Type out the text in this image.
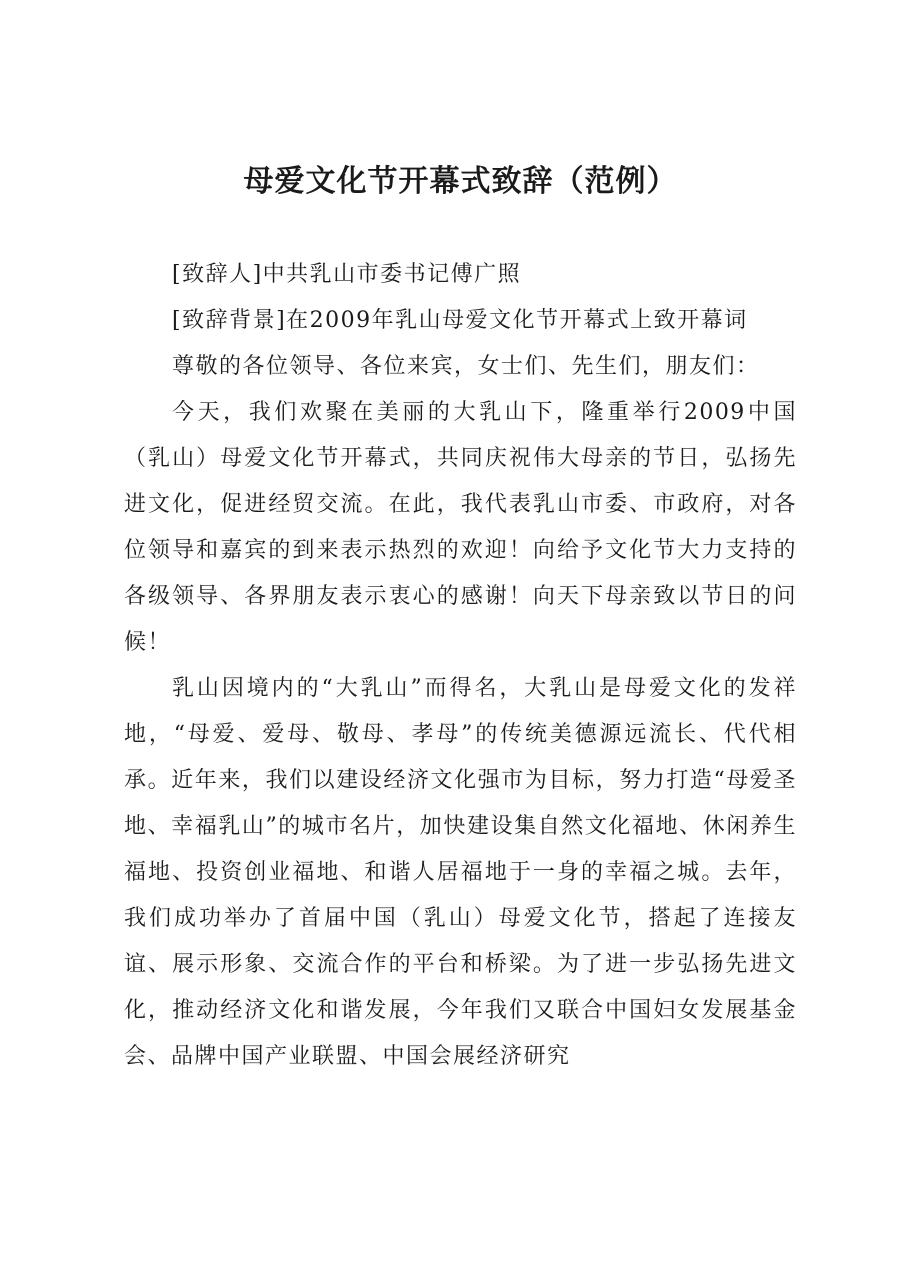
母爱文化节开幕式致辞（范例）

[致辞人]中共乳山市委书记傅广照

[致辞背景]在2009年乳山母爱文化节开幕式上致开幕词

尊敬的各位领导、各位来宾，女士们、先生们，朋友们：

今天，我们欢聚在美丽的大乳山下，隆重举行2009中国（乳山）母爱文化节开幕式，共同庆祝伟大母亲的节日，弘扬先进文化，促进经贸交流。在此，我代表乳山市委、市政府，对各位领导和嘉宾的到来表示热烈的欢迎！向给予文化节大力支持的各级领导、各界朋友表示衷心的感谢！向天下母亲致以节日的问候！

乳山因境内的“大乳山”而得名，大乳山是母爱文化的发祥地，“母爱、爱母、敬母、孝母”的传统美德源远流长、代代相承。近年来，我们以建设经济文化强市为目标，努力打造“母爱圣地、幸福乳山”的城市名片，加快建设集自然文化福地、休闲养生福地、投资创业福地、和谐人居福地于一身的幸福之城。去年，我们成功举办了首届中国（乳山）母爱文化节，搭起了连接友谊、展示形象、交流合作的平台和桥梁。为了进一步弘扬先进文化，推动经济文化和谐发展，今年我们又联合中国妇女发展基金会、品牌中国产业联盟、中国会展经济研究
